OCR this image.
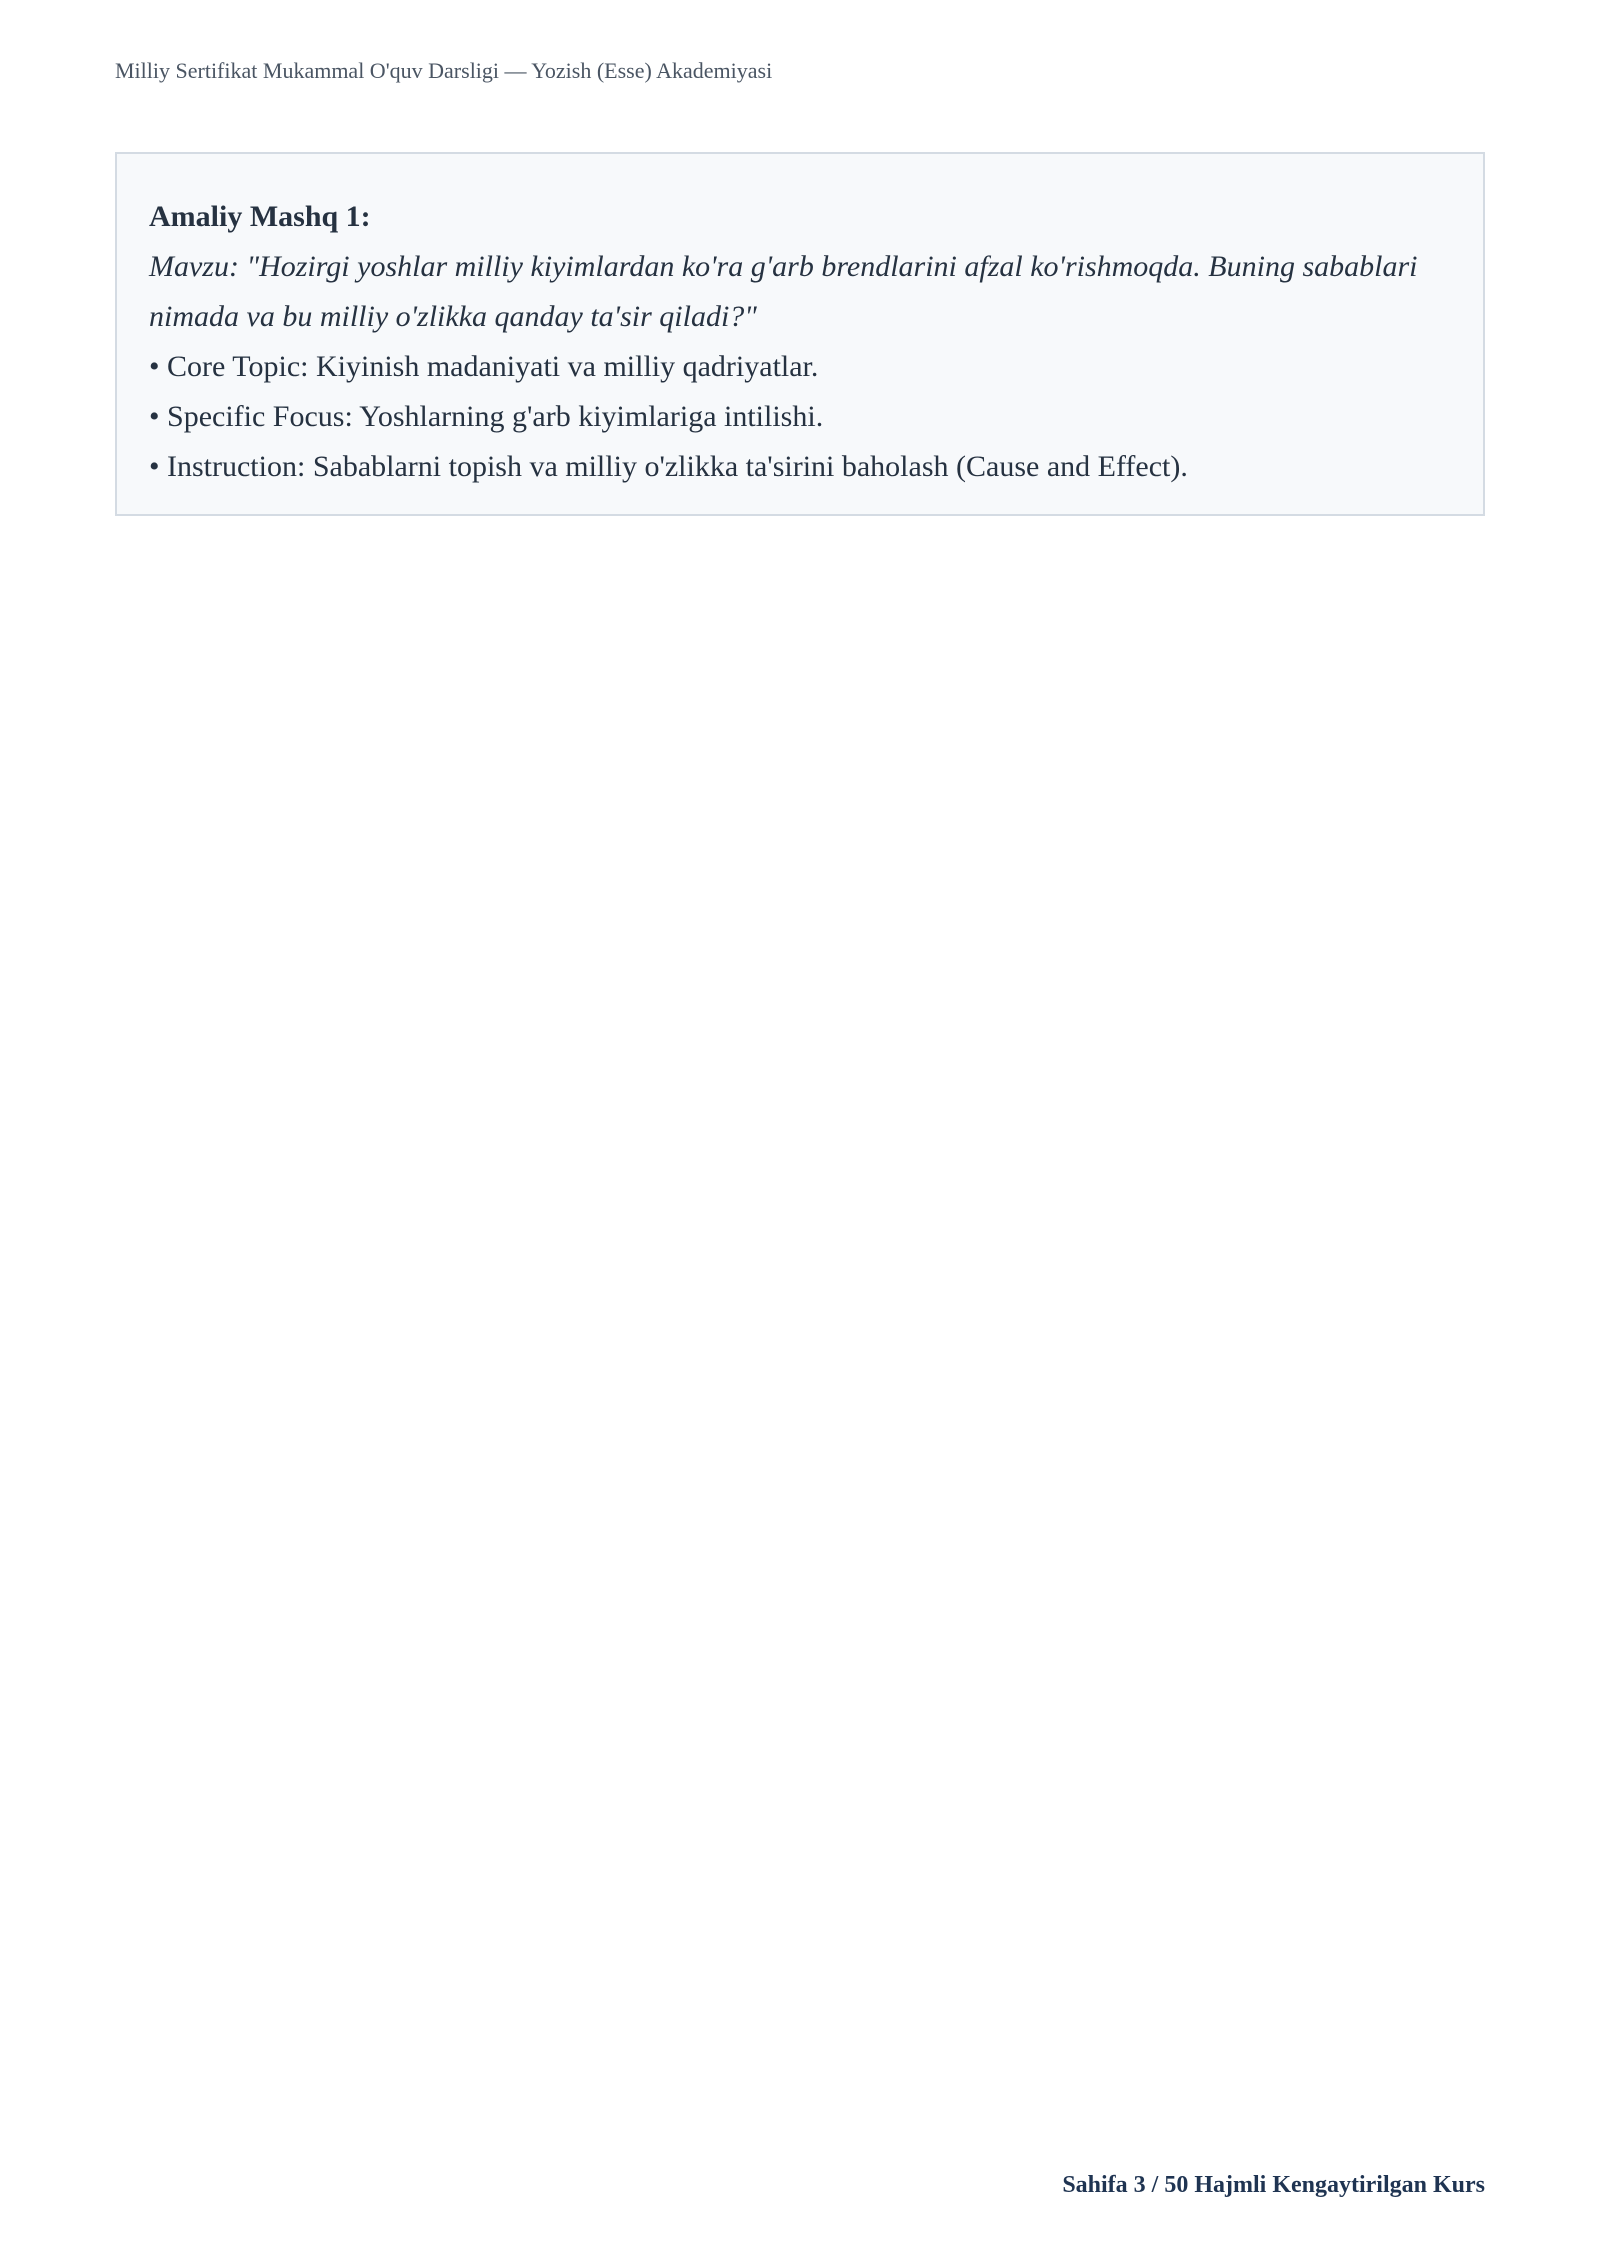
Milliy Sertifikat Mukammal O'quv Darsligi — Yozish (Esse) Akademiyasi
Amaliy Mashq 1:
Mavzu: "Hozirgi yoshlar milliy kiyimlardan ko'ra g'arb brendlarini afzal ko'rishmoqda. Buning sabablari nimada va bu milliy o'zlikka qanday ta'sir qiladi?"
• Core Topic: Kiyinish madaniyati va milliy qadriyatlar.
• Specific Focus: Yoshlarning g'arb kiyimlariga intilishi.
• Instruction: Sabablarni topish va milliy o'zlikka ta'sirini baholash (Cause and Effect).
Sahifa 3 / 50 Hajmli Kengaytirilgan Kurs
